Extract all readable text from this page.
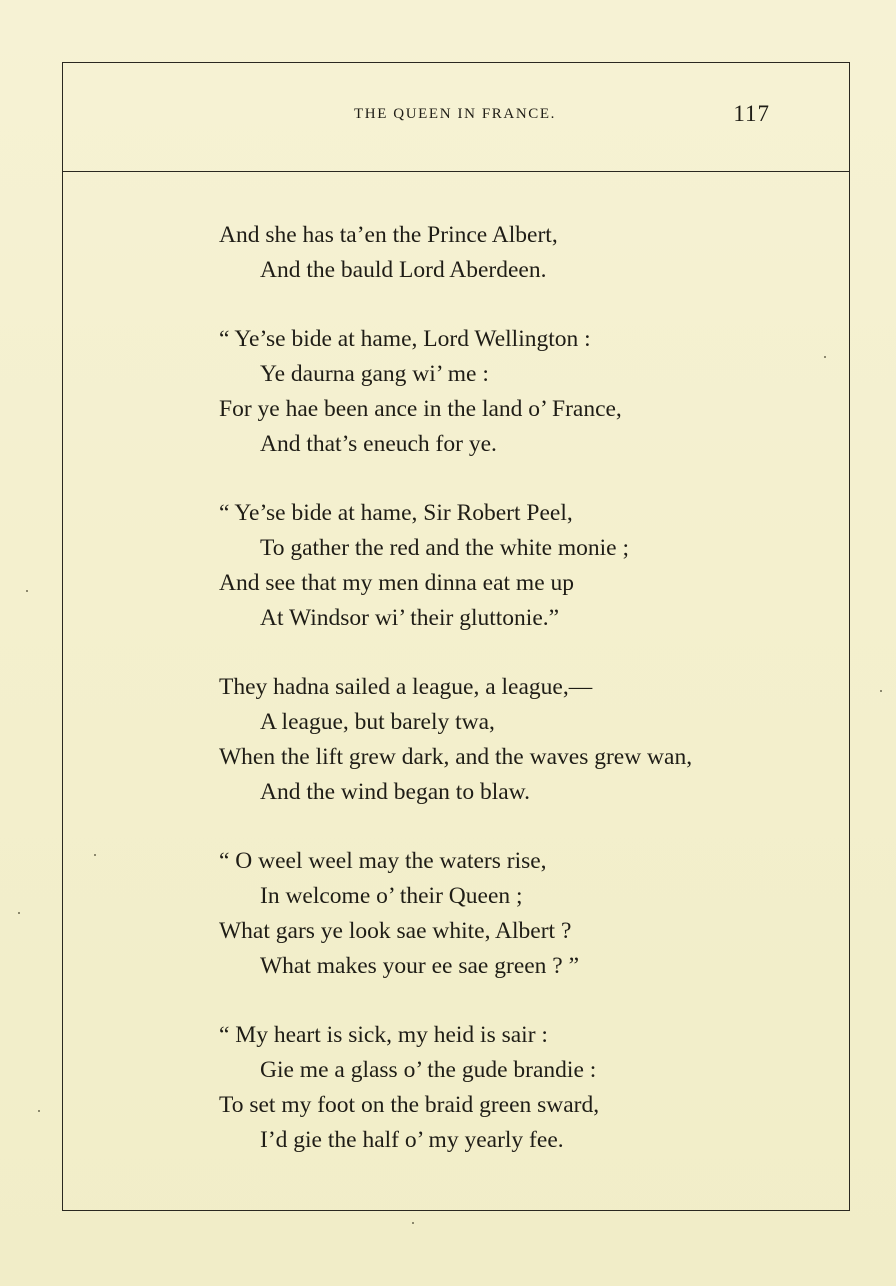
THE QUEEN IN FRANCE.	117
And she has ta’en the Prince Albert,
And the bauld Lord Aberdeen.
“ Ye’se bide at hame, Lord Wellington :
Ye daurna gang wi’ me :
For ye hae been ance in the land o’ France,
And that’s eneuch for ye.
“ Ye’se bide at hame, Sir Robert Peel,
To gather the red and the white monie ;
And see that my men dinna eat me up
At Windsor wi’ their gluttonie.”
They hadna sailed a league, a league,—
A league, but barely twa,
When the lift grew dark, and the waves grew wan,
And the wind began to blaw.
“ O weel weel may the waters rise,
In welcome o’ their Queen ;
What gars ye look sae white, Albert ?
What makes your ee sae green ? ”
“ My heart is sick, my heid is sair :
Gie me a glass o’ the gude brandie :
To set my foot on the braid green sward,
I’d gie the half o’ my yearly fee.
